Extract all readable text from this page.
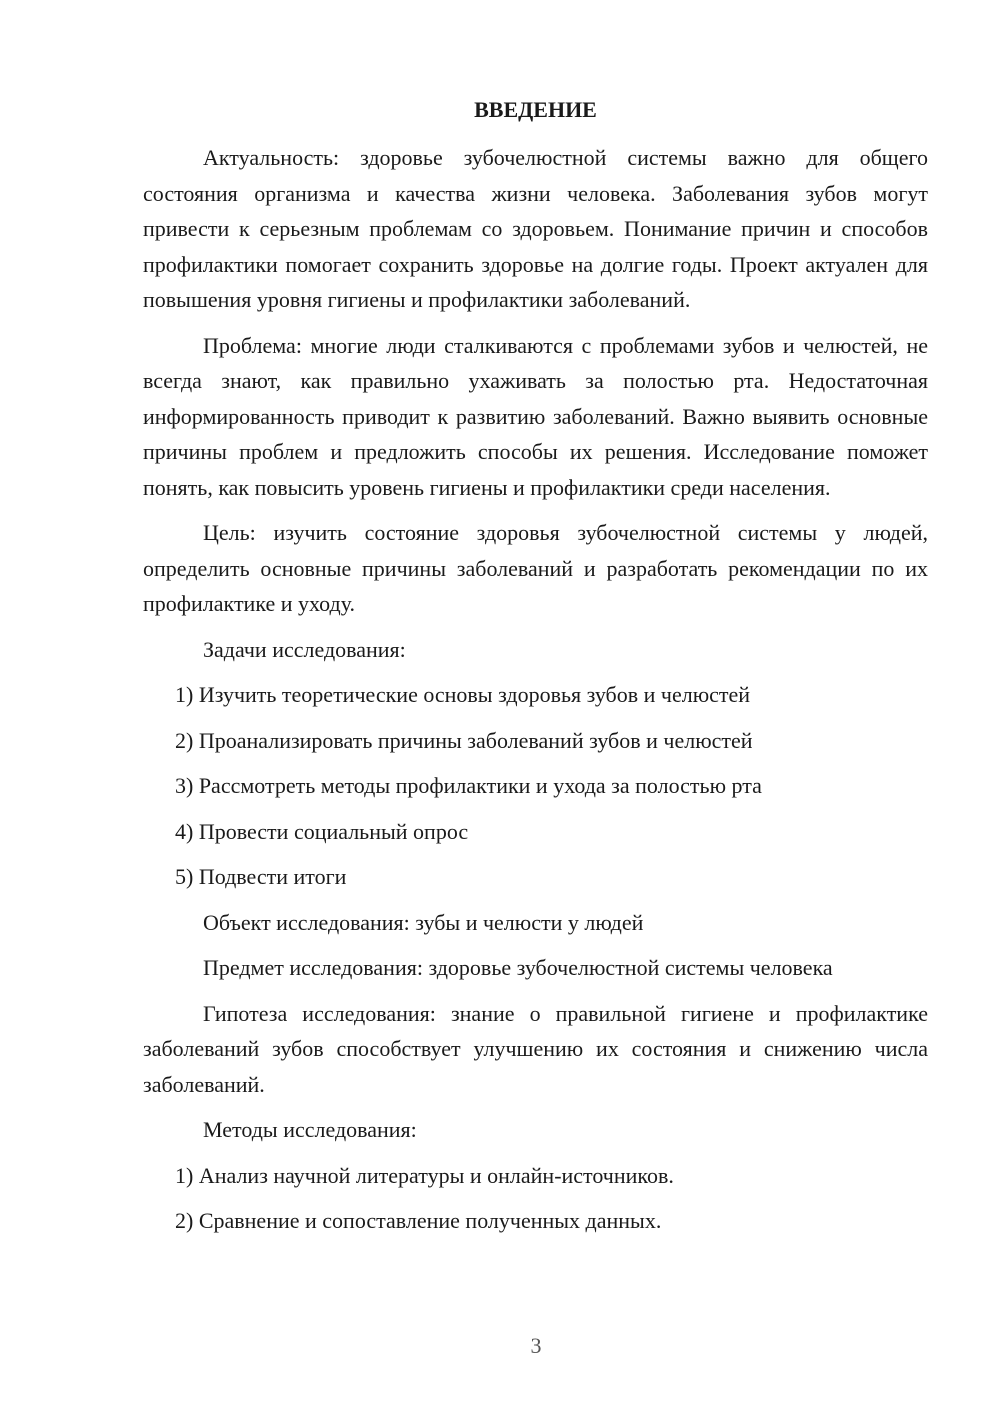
ВВЕДЕНИЕ

Актуальность: здоровье зубочелюстной системы важно для общего состояния организма и качества жизни человека. Заболевания зубов могут привести к серьезным проблемам со здоровьем. Понимание причин и способов профилактики помогает сохранить здоровье на долгие годы. Проект актуален для повышения уровня гигиены и профилактики заболеваний.

Проблема: многие люди сталкиваются с проблемами зубов и челюстей, не всегда знают, как правильно ухаживать за полостью рта. Недостаточная информированность приводит к развитию заболеваний. Важно выявить основные причины проблем и предложить способы их решения. Исследование поможет понять, как повысить уровень гигиены и профилактики среди населения.

Цель: изучить состояние здоровья зубочелюстной системы у людей, определить основные причины заболеваний и разработать рекомендации по их профилактике и уходу.

Задачи исследования:
1) Изучить теоретические основы здоровья зубов и челюстей
2) Проанализировать причины заболеваний зубов и челюстей
3) Рассмотреть методы профилактики и ухода за полостью рта
4) Провести социальный опрос
5) Подвести итоги
Объект исследования: зубы и челюсти у людей
Предмет исследования: здоровье зубочелюстной системы человека

Гипотеза исследования: знание о правильной гигиене и профилактике заболеваний зубов способствует улучшению их состояния и снижению числа заболеваний.

Методы исследования:
1) Анализ научной литературы и онлайн-источников.
2) Сравнение и сопоставление полученных данных.
3
